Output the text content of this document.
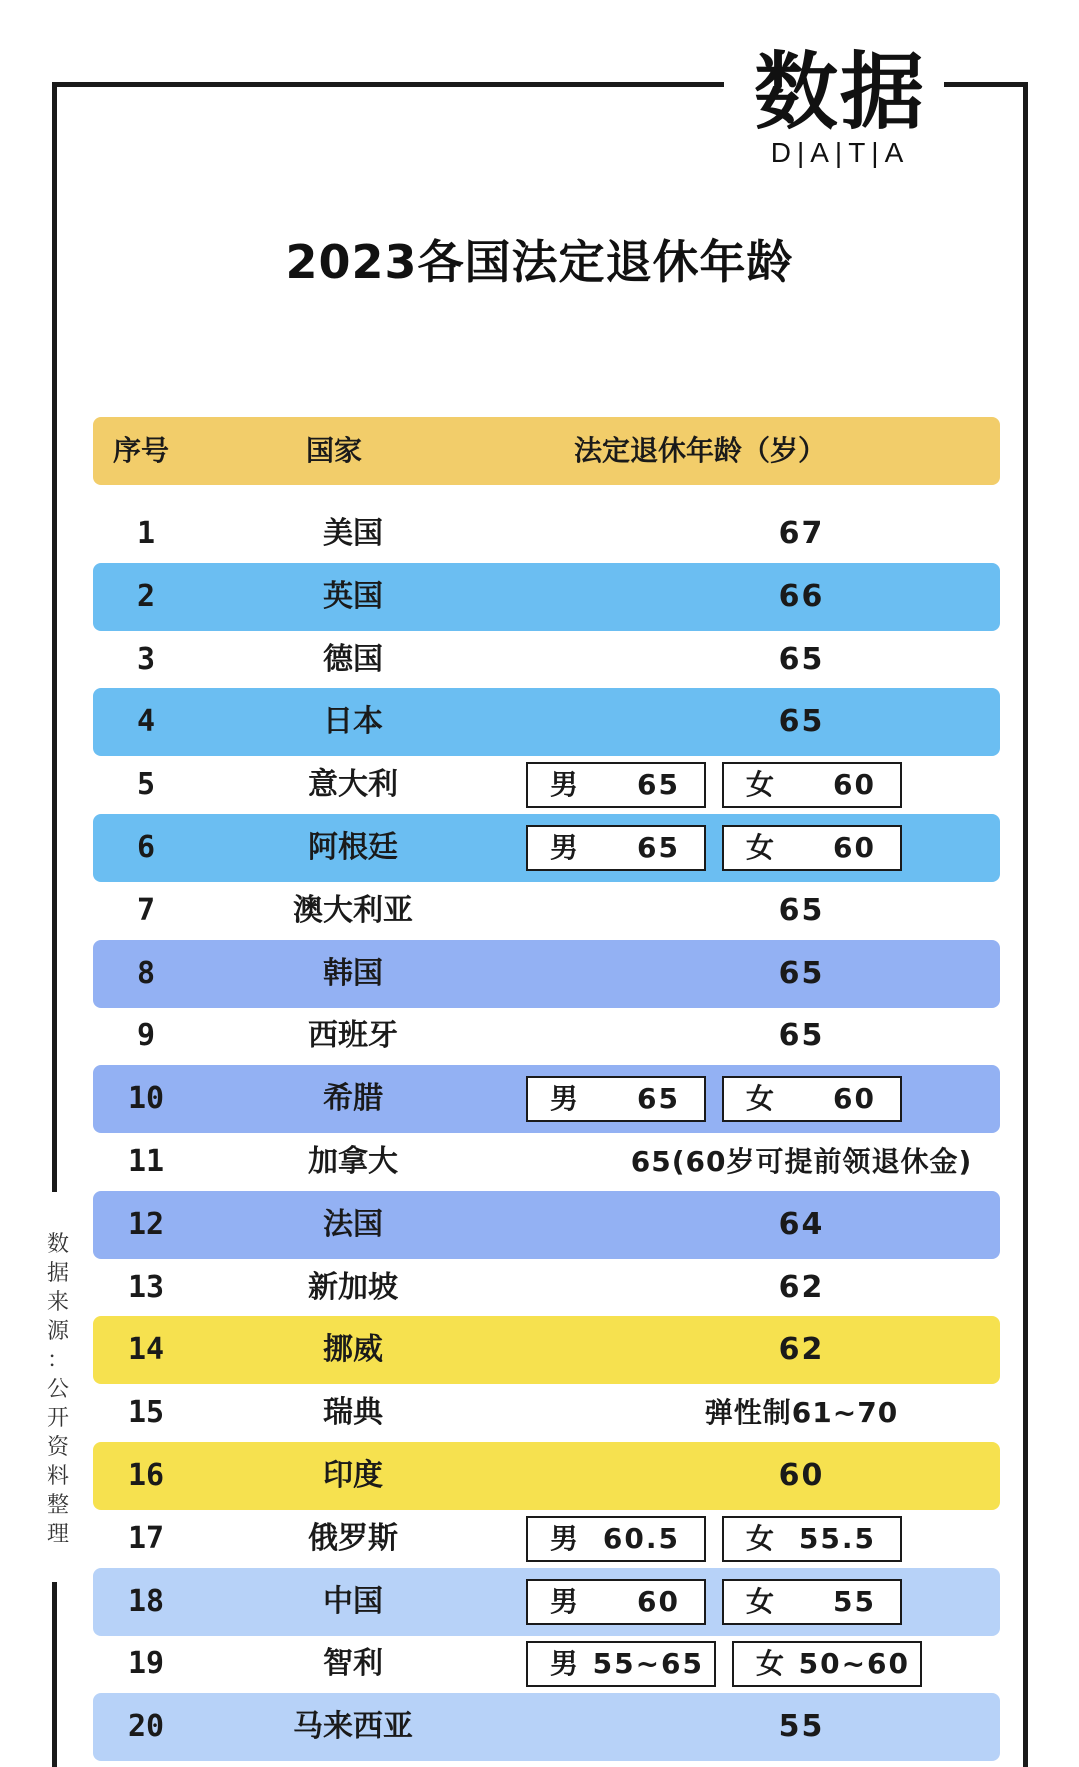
数据
D|A|T|A
2023各国法定退休年龄
序号	国家	法定退休年龄（岁）
1	美国	67
2	英国	66
3	德国	65
4	日本	65
5	意大利	男 65 女 60
6	阿根廷	男 65 女 60
7	澳大利亚	65
8	韩国	65
9	西班牙	65
10	希腊	男 65 女 60
11	加拿大	65(60岁可提前领退休金)
12	法国	64
13	新加坡	62
14	挪威	62
15	瑞典	弹性制61~70
16	印度	60
17	俄罗斯	男 60.5 女 55.5
18	中国	男 60 女 55
19	智利	男 55~65 女 50~60
20	马来西亚	55
数
据
来
源
：
公
开
资
料
整
理
